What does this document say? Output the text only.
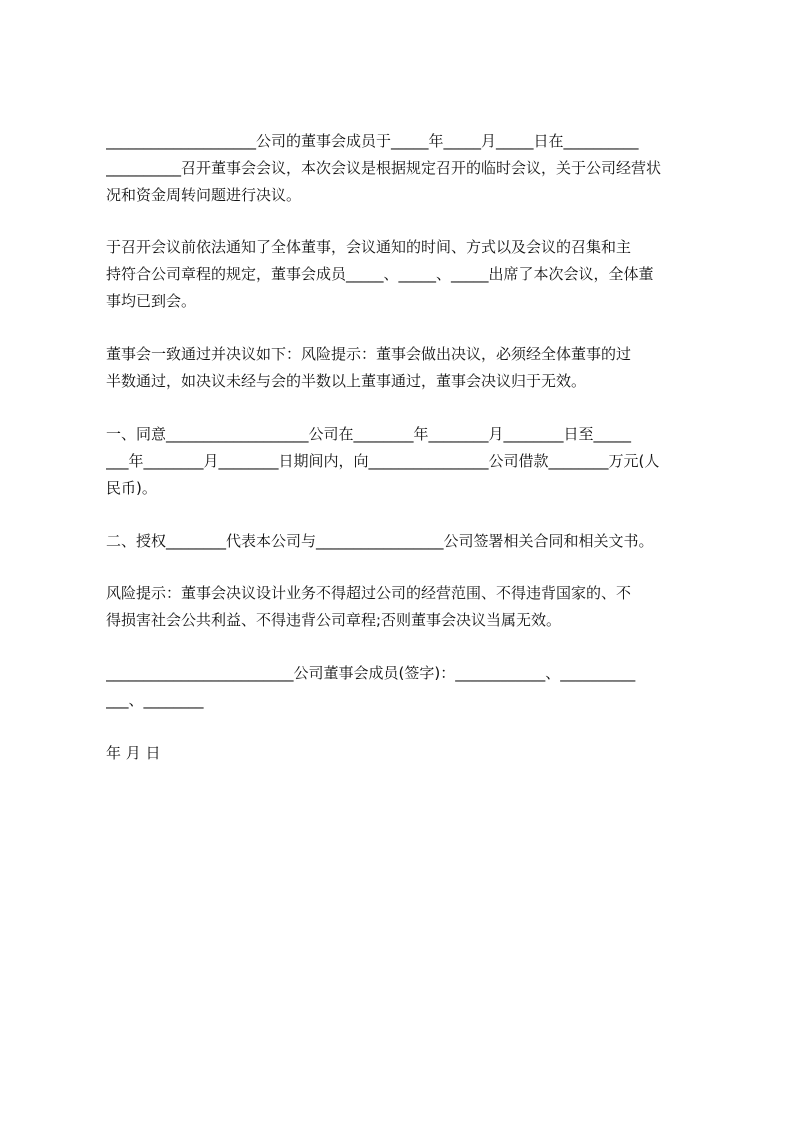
____________________公司的董事会成员于_____年_____月_____日在__________
__________召开董事会会议，本次会议是根据规定召开的临时会议，关于公司经营状
况和资金周转问题进行决议。
于召开会议前依法通知了全体董事，会议通知的时间、方式以及会议的召集和主
持符合公司章程的规定，董事会成员_____、_____、_____出席了本次会议，全体董
事均已到会。
董事会一致通过并决议如下：风险提示：董事会做出决议，必须经全体董事的过
半数通过，如决议未经与会的半数以上董事通过，董事会决议归于无效。
一、同意___________________公司在________年________月________日至_____
___年________月________日期间内，向________________公司借款________万元(人
民币)。
二、授权________代表本公司与_________________公司签署相关合同和相关文书。
风险提示：董事会决议设计业务不得超过公司的经营范围、不得违背国家的、不
得损害社会公共利益、不得违背公司章程;否则董事会决议当属无效。
_________________________公司董事会成员(签字)：____________、__________
___、________
年 月 日
